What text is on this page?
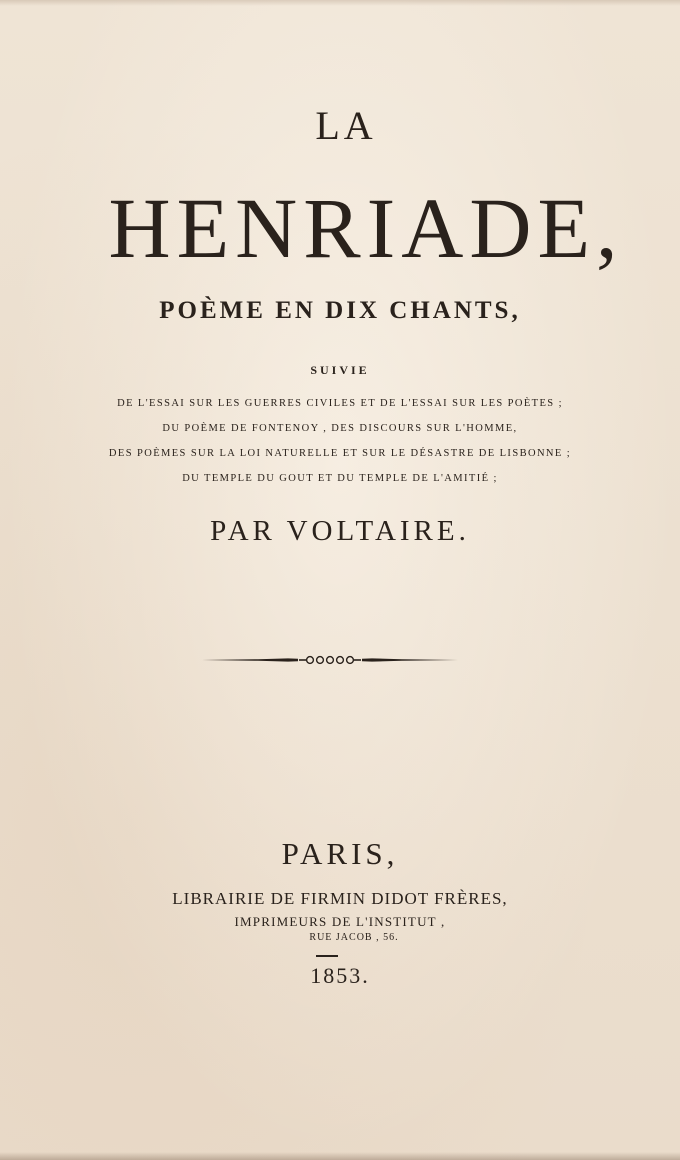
LA
HENRIADE,
POÈME EN DIX CHANTS,
SUIVIE
DE L'ESSAI SUR LES GUERRES CIVILES ET DE L'ESSAI SUR LES POÈTES ;
DU POÈME DE FONTENOY , DES DISCOURS SUR L'HOMME,
DES POÈMES SUR LA LOI NATURELLE ET SUR LE DÉSASTRE DE LISBONNE ;
DU TEMPLE DU GOUT ET DU TEMPLE DE L'AMITIÉ ;
PAR VOLTAIRE.
PARIS,
LIBRAIRIE DE FIRMIN DIDOT FRÈRES,
IMPRIMEURS DE L'INSTITUT ,
RUE JACOB , 56.
1853.
